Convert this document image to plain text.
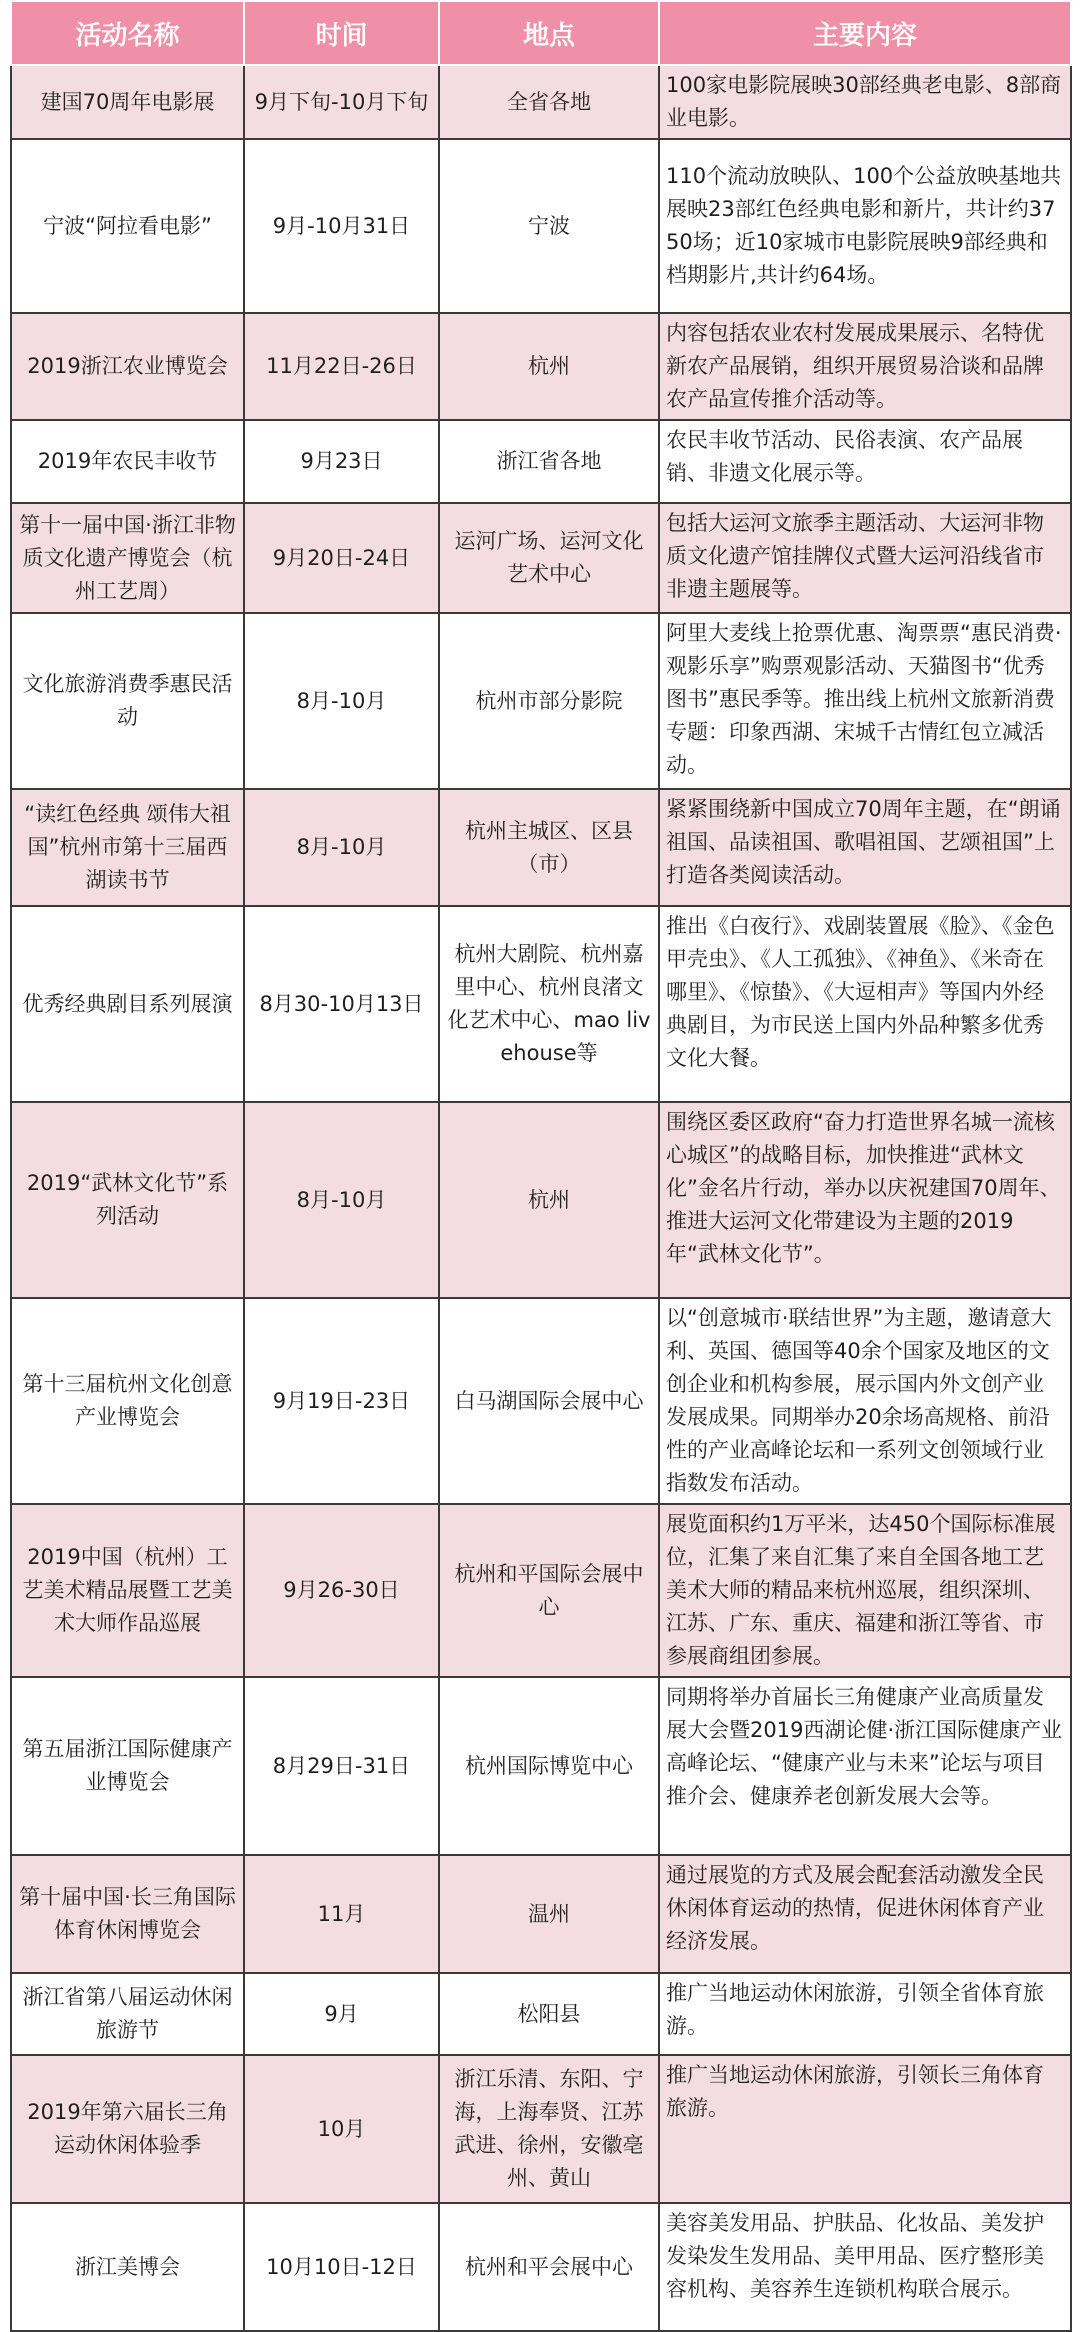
活动名称	时间	地点	主要内容
建国70周年电影展	9月下旬-10月下旬	全省各地	100家电影院展映30部经典老电影、8部商业电影。
宁波“阿拉看电影”	9月-10月31日	宁波	110个流动放映队、100个公益放映基地共展映23部红色经典电影和新片，共计约3750场；近10家城市电影院展映9部经典和档期影片,共计约64场。
2019浙江农业博览会	11月22日-26日	杭州	内容包括农业农村发展成果展示、名特优新农产品展销，组织开展贸易洽谈和品牌农产品宣传推介活动等。
2019年农民丰收节	9月23日	浙江省各地	农民丰收节活动、民俗表演、农产品展销、非遗文化展示等。
第十一届中国·浙江非物质文化遗产博览会（杭州工艺周）	9月20日-24日	运河广场、运河文化艺术中心	包括大运河文旅季主题活动、大运河非物质文化遗产馆挂牌仪式暨大运河沿线省市非遗主题展等。
文化旅游消费季惠民活动	8月-10月	杭州市部分影院	阿里大麦线上抢票优惠、淘票票“惠民消费·观影乐享”购票观影活动、天猫图书“优秀图书”惠民季等。推出线上杭州文旅新消费专题：印象西湖、宋城千古情红包立减活动。
“读红色经典 颂伟大祖国”杭州市第十三届西湖读书节	8月-10月	杭州主城区、区县（市）	紧紧围绕新中国成立70周年主题，在“朗诵祖国、品读祖国、歌唱祖国、艺颂祖国”上打造各类阅读活动。
优秀经典剧目系列展演	8月30-10月13日	杭州大剧院、杭州嘉里中心、杭州良渚文化艺术中心、mao livehouse等	推出《白夜行》、戏剧装置展《脸》、《金色甲壳虫》、《人工孤独》、《神鱼》、《米奇在哪里》、《惊蛰》、《大逗相声》等国内外经典剧目，为市民送上国内外品种繁多优秀文化大餐。
2019“武林文化节”系列活动	8月-10月	杭州	围绕区委区政府“奋力打造世界名城一流核心城区”的战略目标，加快推进“武林文化”金名片行动，举办以庆祝建国70周年、推进大运河文化带建设为主题的2019年“武林文化节”。
第十三届杭州文化创意产业博览会	9月19日-23日	白马湖国际会展中心	以“创意城市·联结世界”为主题，邀请意大利、英国、德国等40余个国家及地区的文创企业和机构参展，展示国内外文创产业发展成果。同期举办20余场高规格、前沿性的产业高峰论坛和一系列文创领域行业指数发布活动。
2019中国（杭州）工艺美术精品展暨工艺美术大师作品巡展	9月26-30日	杭州和平国际会展中心	展览面积约1万平米，达450个国际标准展位，汇集了来自汇集了来自全国各地工艺美术大师的精品来杭州巡展，组织深圳、江苏、广东、重庆、福建和浙江等省、市参展商组团参展。
第五届浙江国际健康产业博览会	8月29日-31日	杭州国际博览中心	同期将举办首届长三角健康产业高质量发展大会暨2019西湖论健·浙江国际健康产业高峰论坛、“健康产业与未来”论坛与项目推介会、健康养老创新发展大会等。
第十届中国·长三角国际体育休闲博览会	11月	温州	通过展览的方式及展会配套活动激发全民休闲体育运动的热情，促进休闲体育产业经济发展。
浙江省第八届运动休闲旅游节	9月	松阳县	推广当地运动休闲旅游，引领全省体育旅游。
2019年第六届长三角运动休闲体验季	10月	浙江乐清、东阳、宁海，上海奉贤、江苏武进、徐州，安徽亳州、黄山	推广当地运动休闲旅游，引领长三角体育旅游。
浙江美博会	10月10日-12日	杭州和平会展中心	美容美发用品、护肤品、化妆品、美发护发染发生发用品、美甲用品、医疗整形美容机构、美容养生连锁机构联合展示。
